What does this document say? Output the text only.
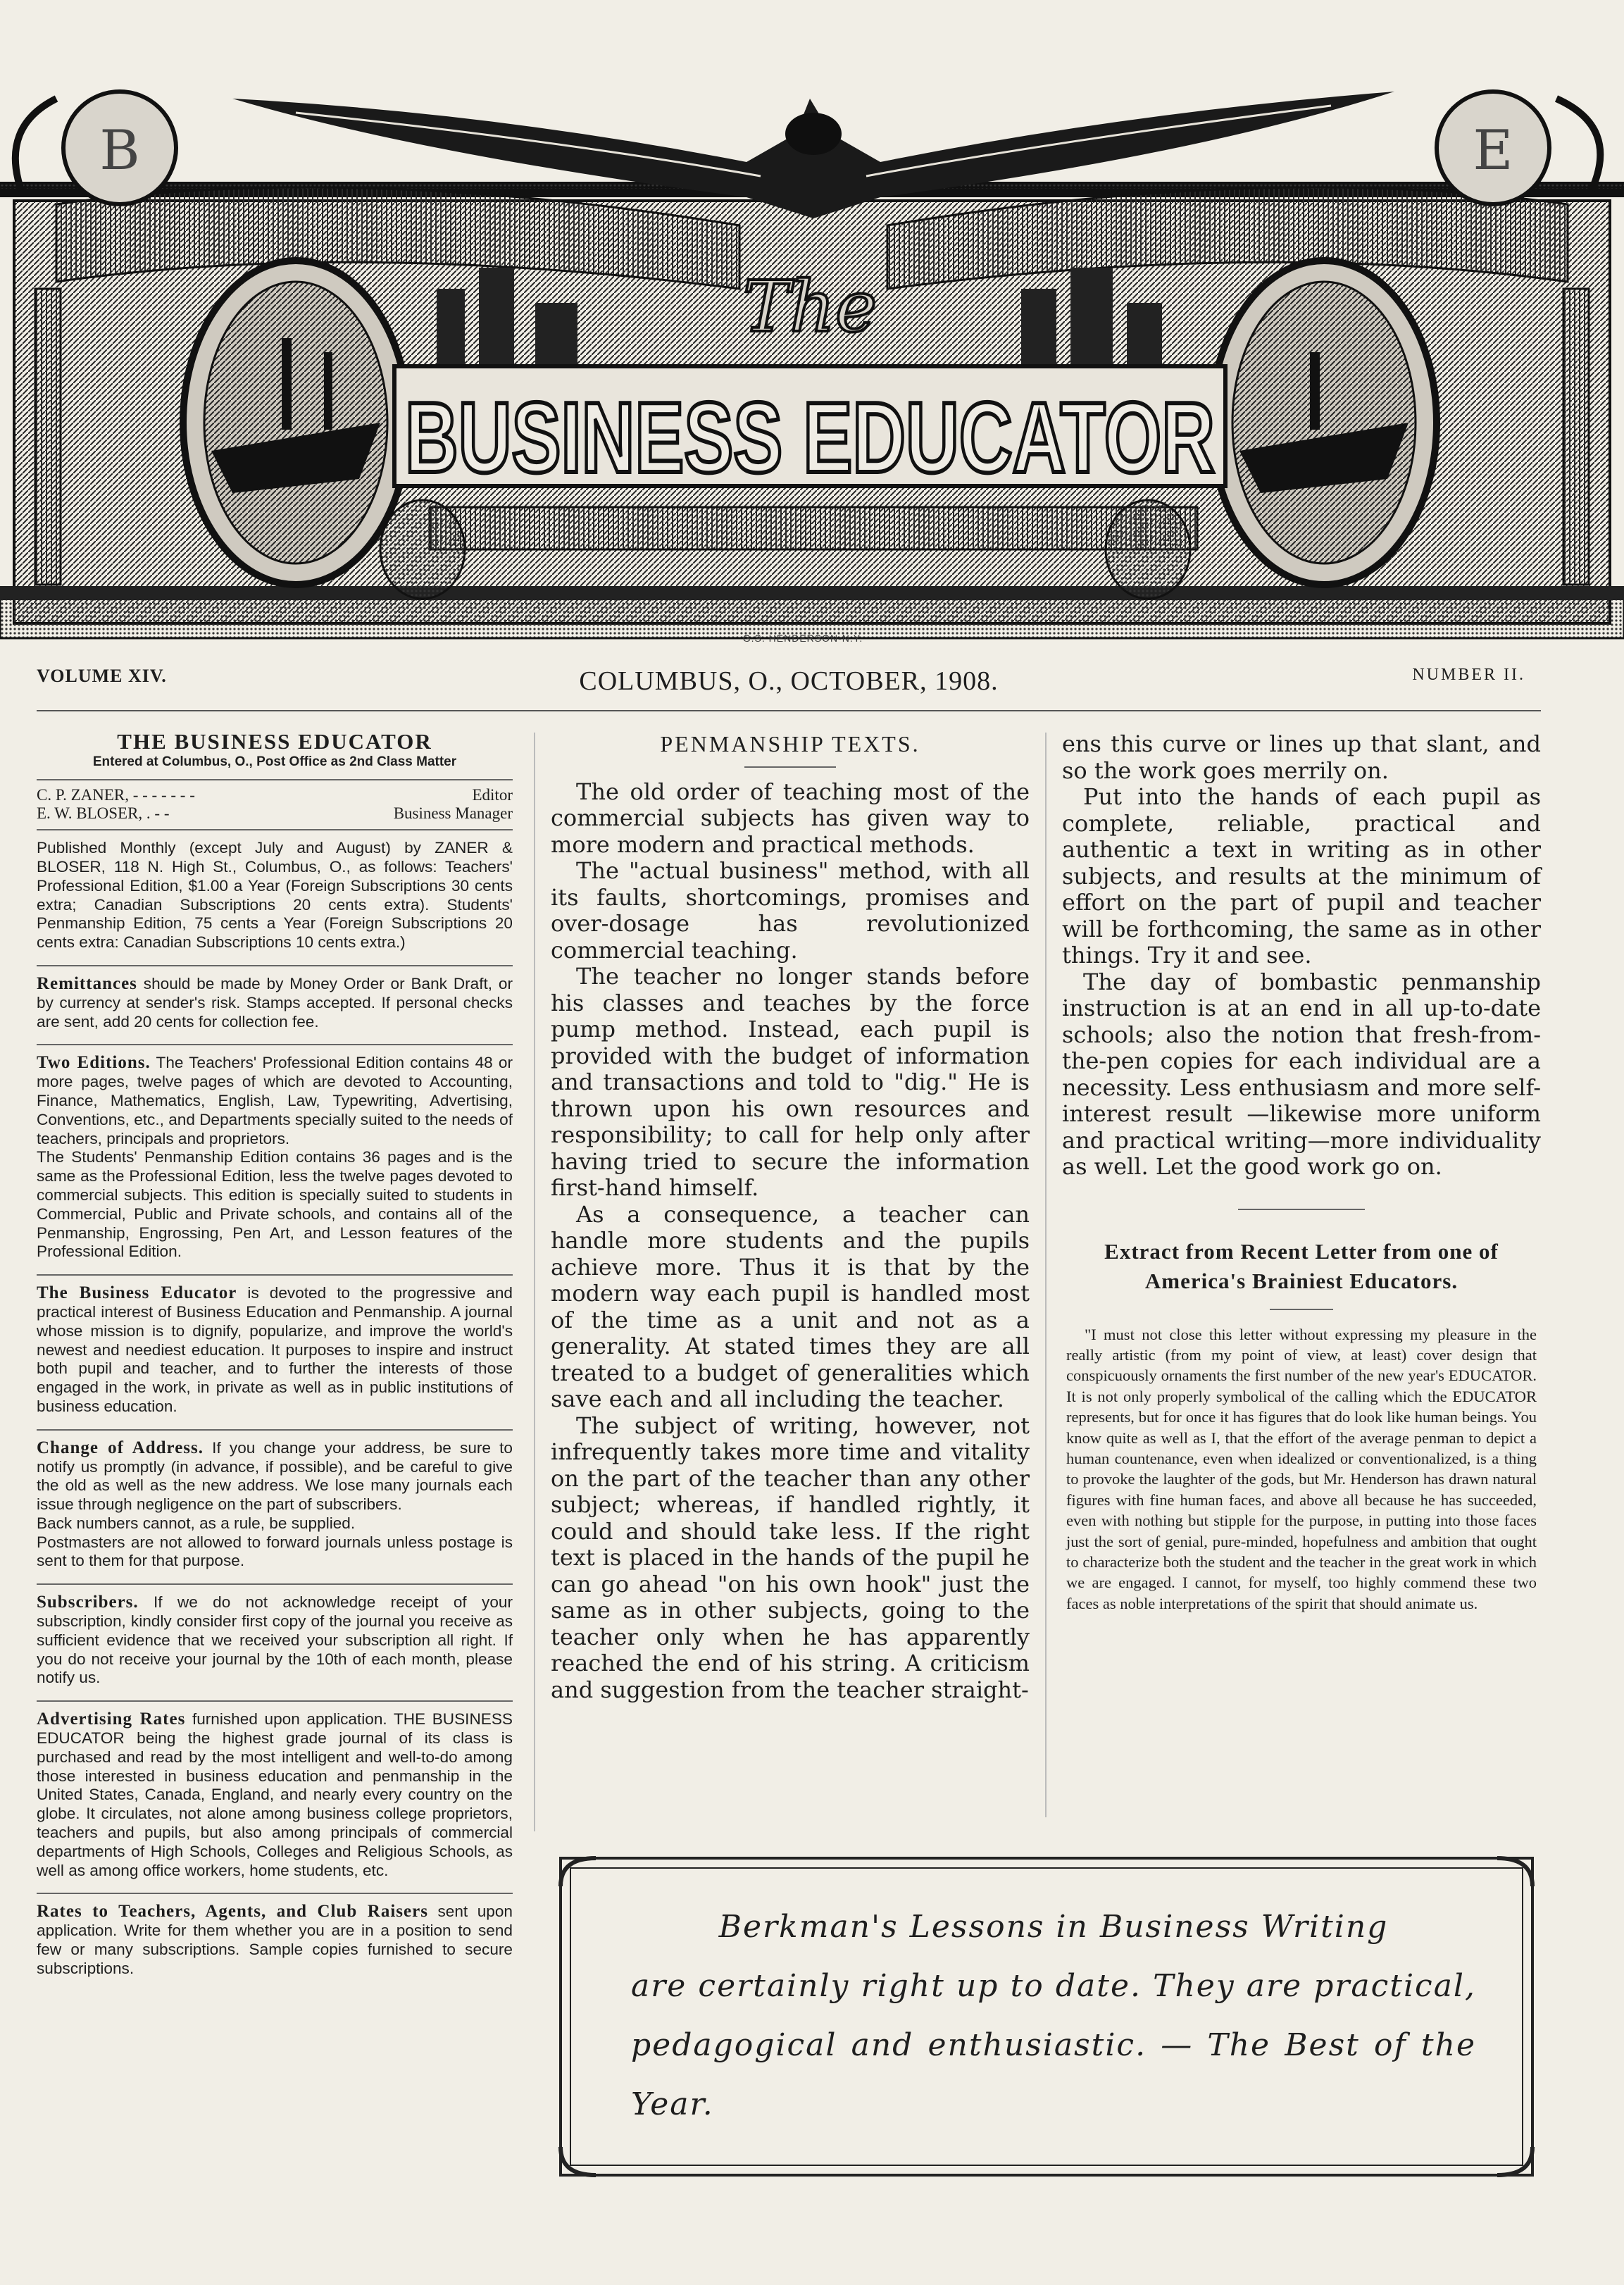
B	E
The
BUSINESS EDUCATOR
G.S. HENDERSON-N.Y.
VOLUME XIV.	COLUMBUS, O., OCTOBER, 1908.	NUMBER II.
THE BUSINESS EDUCATOR
Entered at Columbus, O., Post Office as 2nd Class Matter
C. P. ZANER, - - - - - - -	Editor
E. W. BLOSER, . - -	Business Manager

Published Monthly (except July and August) by ZANER & BLOSER, 118 N. High St., Columbus, O., as follows: Teachers' Professional Edition, $1.00 a Year (Foreign Subscriptions 30 cents extra; Canadian Subscriptions 20 cents extra). Students' Penmanship Edition, 75 cents a Year (Foreign Subscriptions 20 cents extra: Canadian Subscriptions 10 cents extra.)

Remittances should be made by Money Order or Bank Draft, or by currency at sender's risk. Stamps accepted. If personal checks are sent, add 20 cents for collection fee.

Two Editions. The Teachers' Professional Edition contains 48 or more pages, twelve pages of which are devoted to Accounting, Finance, Mathematics, English, Law, Typewriting, Advertising, Conventions, etc., and Departments specially suited to the needs of teachers, principals and proprietors.

The Students' Penmanship Edition contains 36 pages and is the same as the Professional Edition, less the twelve pages devoted to commercial subjects. This edition is specially suited to students in Commercial, Public and Private schools, and contains all of the Penmanship, Engrossing, Pen Art, and Lesson features of the Professional Edition.

The Business Educator is devoted to the progressive and practical interest of Business Education and Penmanship. A journal whose mission is to dignify, popularize, and improve the world's newest and neediest education. It purposes to inspire and instruct both pupil and teacher, and to further the interests of those engaged in the work, in private as well as in public institutions of business education.

Change of Address. If you change your address, be sure to notify us promptly (in advance, if possible), and be careful to give the old as well as the new address. We lose many journals each issue through negligence on the part of subscribers.

Back numbers cannot, as a rule, be supplied.

Postmasters are not allowed to forward journals unless postage is sent to them for that purpose.

Subscribers. If we do not acknowledge receipt of your subscription, kindly consider first copy of the journal you receive as sufficient evidence that we received your subscription all right. If you do not receive your journal by the 10th of each month, please notify us.

Advertising Rates furnished upon application. THE BUSINESS EDUCATOR being the highest grade journal of its class is purchased and read by the most intelligent and well-to-do among those interested in business education and penmanship in the United States, Canada, England, and nearly every country on the globe. It circulates, not alone among business college proprietors, teachers and pupils, but also among principals of commercial departments of High Schools, Colleges and Religious Schools, as well as among office workers, home students, etc.

Rates to Teachers, Agents, and Club Raisers sent upon application. Write for them whether you are in a position to send few or many subscriptions. Sample copies furnished to secure subscriptions.

PENMANSHIP TEXTS.

The old order of teaching most of the commercial subjects has given way to more modern and practical methods.

The "actual business" method, with all its faults, shortcomings, promises and over-dosage has revolutionized commercial teaching.

The teacher no longer stands before his classes and teaches by the force pump method. Instead, each pupil is provided with the budget of information and transactions and told to "dig." He is thrown upon his own resources and responsibility; to call for help only after having tried to secure the information first-hand himself.

As a consequence, a teacher can handle more students and the pupils achieve more. Thus it is that by the modern way each pupil is handled most of the time as a unit and not as a generality. At stated times they are all treated to a budget of generalities which save each and all including the teacher.

The subject of writing, however, not infrequently takes more time and vitality on the part of the teacher than any other subject; whereas, if handled rightly, it could and should take less. If the right text is placed in the hands of the pupil he can go ahead "on his own hook" just the same as in other subjects, going to the teacher only when he has apparently reached the end of his string. A criticism and suggestion from the teacher straight-

ens this curve or lines up that slant, and so the work goes merrily on.

Put into the hands of each pupil as complete, reliable, practical and authentic a text in writing as in other subjects, and results at the minimum of effort on the part of pupil and teacher will be forthcoming, the same as in other things. Try it and see.

The day of bombastic penmanship instruction is at an end in all up-to-date schools; also the notion that fresh-from-the-pen copies for each individual are a necessity. Less enthusiasm and more self-interest result —likewise more uniform and practical writing—more individuality as well. Let the good work go on.

Extract from Recent Letter from one of America's Brainiest Educators.

"I must not close this letter without expressing my pleasure in the really artistic (from my point of view, at least) cover design that conspicuously ornaments the first number of the new year's EDUCATOR. It is not only properly symbolical of the calling which the EDUCATOR represents, but for once it has figures that do look like human beings. You know quite as well as I, that the effort of the average penman to depict a human countenance, even when idealized or conventionalized, is a thing to provoke the laughter of the gods, but Mr. Henderson has drawn natural figures with fine human faces, and above all because he has succeeded, even with nothing but stipple for the purpose, in putting into those faces just the sort of genial, pure-minded, hopefulness and ambition that ought to characterize both the student and the teacher in the great work in which we are engaged. I cannot, for myself, too highly commend these two faces as noble interpretations of the spirit that should animate us.

Berkman's Lessons in Business Writing
are certainly right up to date. They are practical, pedagogical and enthusiastic. — The Best of the Year.
